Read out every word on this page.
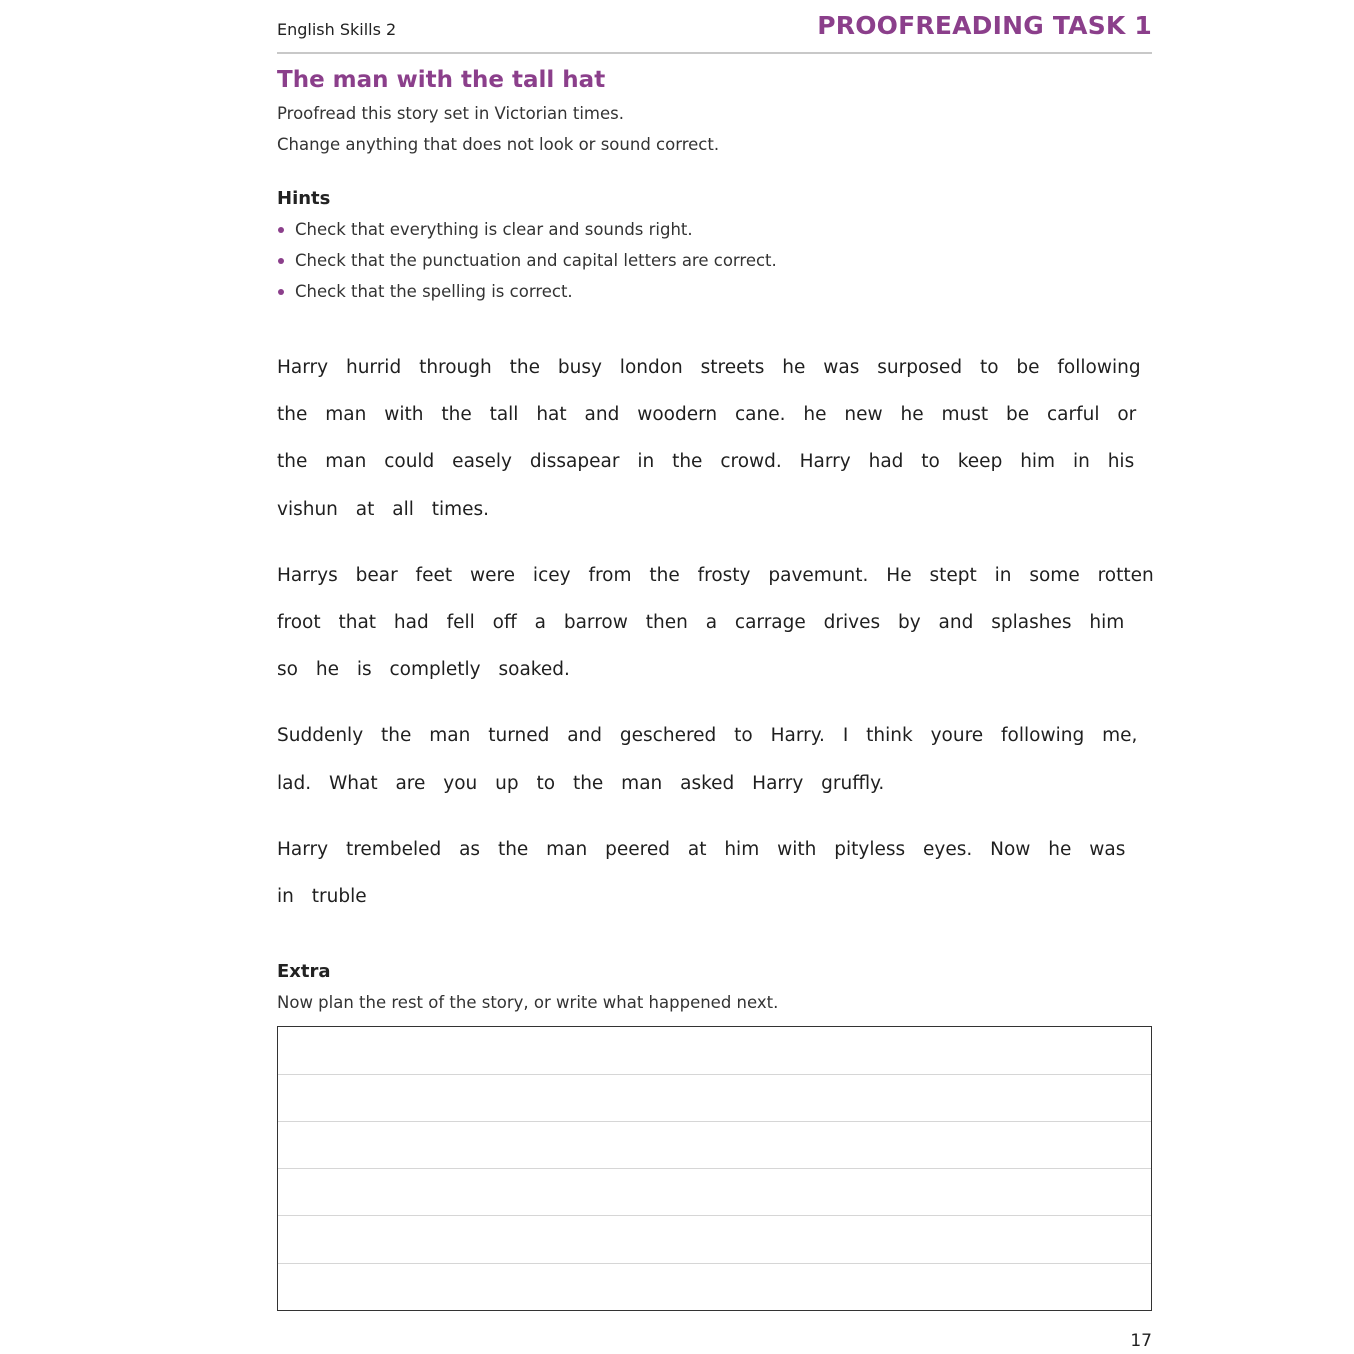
English Skills 2	PROOFREADING TASK 1
The man with the tall hat
Proofread this story set in Victorian times.
Change anything that does not look or sound correct.
Hints
Check that everything is clear and sounds right.
Check that the punctuation and capital letters are correct.
Check that the spelling is correct.

Harry hurrid through the busy london streets he was surposed to be following
the man with the tall hat and woodern cane. he new he must be carful or
the man could easely dissapear in the crowd. Harry had to keep him in his
vishun at all times.

Harrys bear feet were icey from the frosty pavemunt. He stept in some rotten
froot that had fell off a barrow then a carrage drives by and splashes him
so he is completly soaked.

Suddenly the man turned and geschered to Harry. I think youre following me,
lad. What are you up to the man asked Harry gruffly.

Harry trembeled as the man peered at him with pityless eyes. Now he was
in truble

Extra
Now plan the rest of the story, or write what happened next.
17
